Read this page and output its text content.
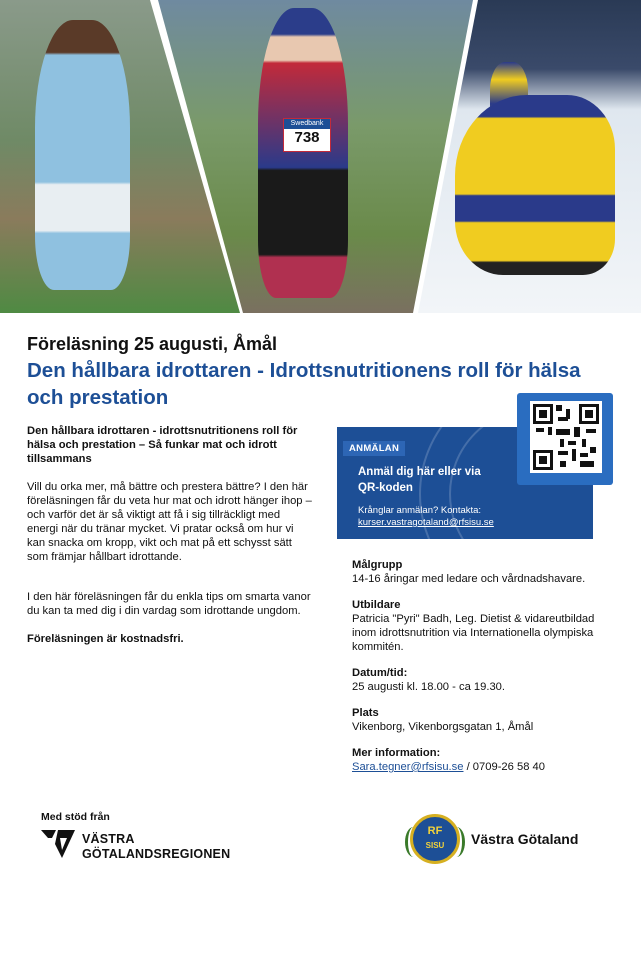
Swedbank
738
Föreläsning 25 augusti, Åmål
Den hållbara idrottaren - Idrottsnutritionens roll för hälsa och prestation

Den hållbara idrottaren - idrottsnutritionens roll för hälsa och prestation – Så funkar mat och idrott tillsammans

Vill du orka mer, må bättre och prestera bättre? I den här föreläsningen får du veta hur mat och idrott hänger ihop – och varför det är så viktigt att få i sig tillräckligt med energi när du tränar mycket. Vi pratar också om hur vi kan snacka om kropp, vikt och mat på ett schysst sätt som främjar hållbart idrottande.

I den här föreläsningen får du enkla tips om smarta vanor du kan ta med dig i din vardag som idrottande ungdom.

Föreläsningen är kostnadsfri.

ANMÄLAN
Anmäl dig här eller via QR-koden
Krånglar anmälan? Kontakta:
kurser.vastragotaland@rfsisu.se
Målgrupp
14-16 åringar med ledare och vårdnadshavare.
Utbildare
Patricia "Pyri" Badh, Leg. Dietist & vidareutbildad inom idrottsnutrition via Internationella olympiska kommitén.
Datum/tid:
25 augusti kl. 18.00 - ca 19.30.
Plats
Vikenborg, Vikenborgsgatan 1, Åmål
Mer information:
Sara.tegner@rfsisu.se / 0709-26 58 40
Med stöd från
VÄSTRA
GÖTALANDSREGIONEN
RF
SISU	Västra Götaland
